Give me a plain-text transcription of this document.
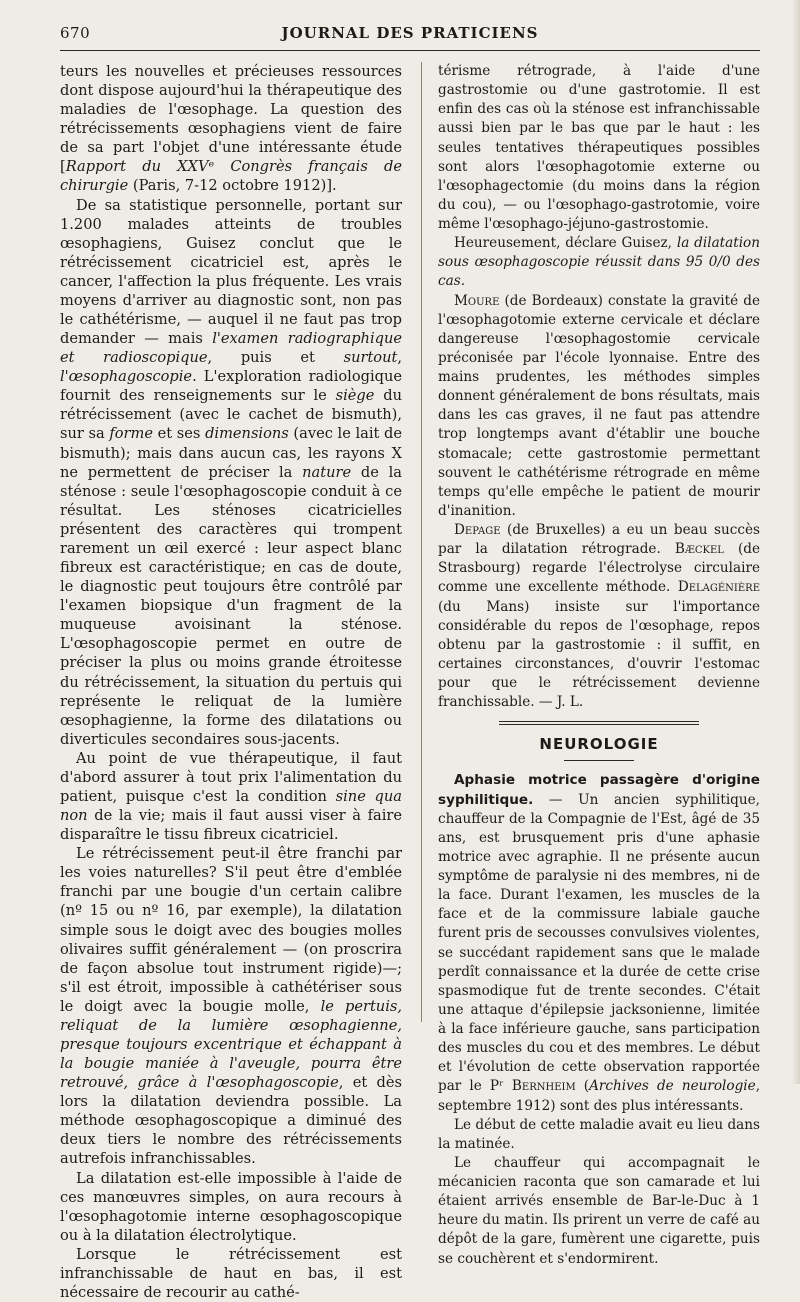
670	JOURNAL DES PRATICIENS

teurs les nouvelles et précieuses ressources dont dispose aujourd'hui la thérapeutique des maladies de l'œsophage. La question des rétrécissements œsophagiens vient de faire de sa part l'objet d'une intéressante étude [Rapport du XXVᵉ Congrès français de chirurgie (Paris, 7-12 octobre 1912)].

De sa statistique personnelle, portant sur 1.200 malades atteints de troubles œsophagiens, Guisez conclut que le rétrécissement cicatriciel est, après le cancer, l'affection la plus fréquente. Les vrais moyens d'arriver au diagnostic sont, non pas le cathétérisme, — auquel il ne faut pas trop demander — mais l'examen radiographique et radioscopique, puis et surtout, l'œsophagoscopie. L'exploration radiologique fournit des renseignements sur le siège du rétrécissement (avec le cachet de bismuth), sur sa forme et ses dimensions (avec le lait de bismuth); mais dans aucun cas, les rayons X ne permettent de préciser la nature de la sténose : seule l'œsophagoscopie conduit à ce résultat. Les sténoses cicatricielles présentent des caractères qui trompent rarement un œil exercé : leur aspect blanc fibreux est caractéristique; en cas de doute, le diagnostic peut toujours être contrôlé par l'examen biopsique d'un fragment de la muqueuse avoisinant la sténose. L'œsophagoscopie permet en outre de préciser la plus ou moins grande étroitesse du rétrécissement, la situation du pertuis qui représente le reliquat de la lumière œsophagienne, la forme des dilatations ou diverticules secondaires sous-jacents.

Au point de vue thérapeutique, il faut d'abord assurer à tout prix l'alimentation du patient, puisque c'est la condition sine qua non de la vie; mais il faut aussi viser à faire disparaître le tissu fibreux cicatriciel.

Le rétrécissement peut-il être franchi par les voies naturelles? S'il peut être d'emblée franchi par une bougie d'un certain calibre (nº 15 ou nº 16, par exemple), la dilatation simple sous le doigt avec des bougies molles olivaires suffit généralement — (on proscrira de façon absolue tout instrument rigide)—; s'il est étroit, impossible à cathétériser sous le doigt avec la bougie molle, le pertuis, reliquat de la lumière œsophagienne, presque toujours excentrique et échappant à la bougie maniée à l'aveugle, pourra être retrouvé, grâce à l'œsophagoscopie, et dès lors la dilatation deviendra possible. La méthode œsophagoscopique a diminué des deux tiers le nombre des rétrécissements autrefois infranchissables.

La dilatation est-elle impossible à l'aide de ces manœuvres simples, on aura recours à l'œsophagotomie interne œsophagoscopique ou à la dilatation électrolytique.

Lorsque le rétrécissement est infranchissable de haut en bas, il est nécessaire de recourir au cathé-

térisme rétrograde, à l'aide d'une gastrostomie ou d'une gastrotomie. Il est enfin des cas où la sténose est infranchissable aussi bien par le bas que par le haut : les seules tentatives thérapeutiques possibles sont alors l'œsophagotomie externe ou l'œsophagectomie (du moins dans la région du cou), — ou l'œsophago-gastrotomie, voire même l'œsophago-jéjuno-gastrostomie.

Heureusement, déclare Guisez, la dilatation sous œsophagoscopie réussit dans 95 0/0 des cas.

Moure (de Bordeaux) constate la gravité de l'œsophagotomie externe cervicale et déclare dangereuse l'œsophagostomie cervicale préconisée par l'école lyonnaise. Entre des mains prudentes, les méthodes simples donnent généralement de bons résultats, mais dans les cas graves, il ne faut pas attendre trop longtemps avant d'établir une bouche stomacale; cette gastrostomie permettant souvent le cathétérisme rétrograde en même temps qu'elle empêche le patient de mourir d'inanition.

Depage (de Bruxelles) a eu un beau succès par la dilatation rétrograde. Bæckel (de Strasbourg) regarde l'électrolyse circulaire comme une excellente méthode. Delagénière (du Mans) insiste sur l'importance considérable du repos de l'œsophage, repos obtenu par la gastrostomie : il suffit, en certaines circonstances, d'ouvrir l'estomac pour que le rétrécissement devienne franchissable. — J. L.

NEUROLOGIE

Aphasie motrice passagère d'origine syphilitique. — Un ancien syphilitique, chauffeur de la Compagnie de l'Est, âgé de 35 ans, est brusquement pris d'une aphasie motrice avec agraphie. Il ne présente aucun symptôme de paralysie ni des membres, ni de la face. Durant l'examen, les muscles de la face et de la commissure labiale gauche furent pris de secousses convulsives violentes, se succédant rapidement sans que le malade perdît connaissance et la durée de cette crise spasmodique fut de trente secondes. C'était une attaque d'épilepsie jacksonienne, limitée à la face inférieure gauche, sans participation des muscles du cou et des membres. Le début et l'évolution de cette observation rapportée par le Pʳ Bernheim (Archives de neurologie, septembre 1912) sont des plus intéressants.

Le début de cette maladie avait eu lieu dans la matinée.

Le chauffeur qui accompagnait le mécanicien raconta que son camarade et lui étaient arrivés ensemble de Bar-le-Duc à 1 heure du matin. Ils prirent un verre de café au dépôt de la gare, fumèrent une cigarette, puis se couchèrent et s'endormirent.
